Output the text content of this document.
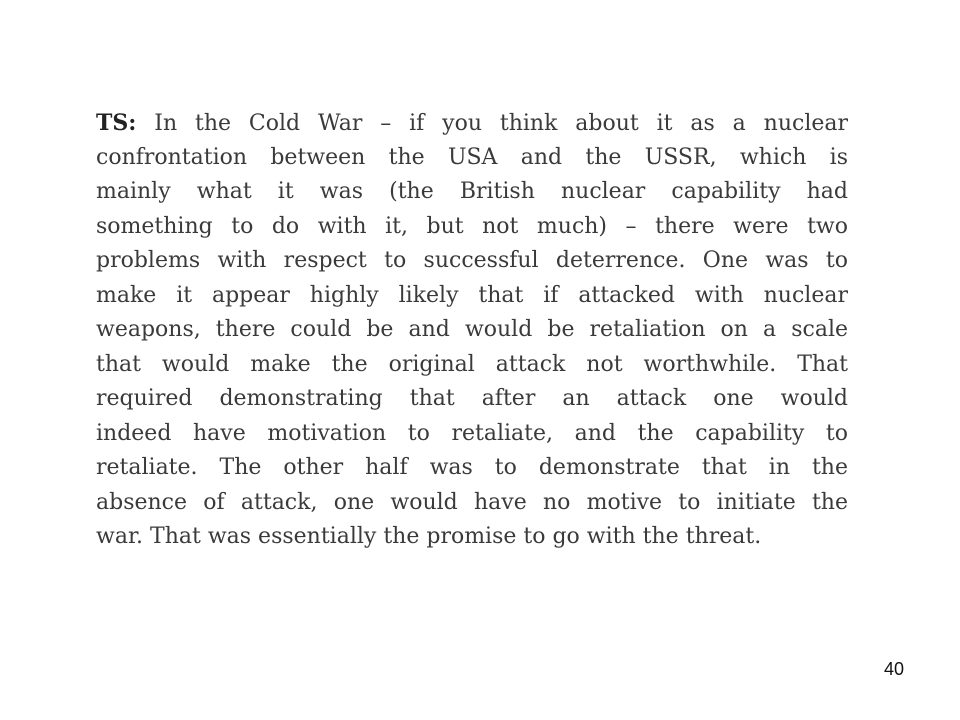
TS: In the Cold War – if you think about it as a nuclear
confrontation between the USA and the USSR, which is
mainly what it was (the British nuclear capability had
something to do with it, but not much) – there were two
problems with respect to successful deterrence. One was to
make it appear highly likely that if attacked with nuclear
weapons, there could be and would be retaliation on a scale
that would make the original attack not worthwhile. That
required demonstrating that after an attack one would
indeed have motivation to retaliate, and the capability to
retaliate. The other half was to demonstrate that in the
absence of attack, one would have no motive to initiate the
war. That was essentially the promise to go with the threat.
40
